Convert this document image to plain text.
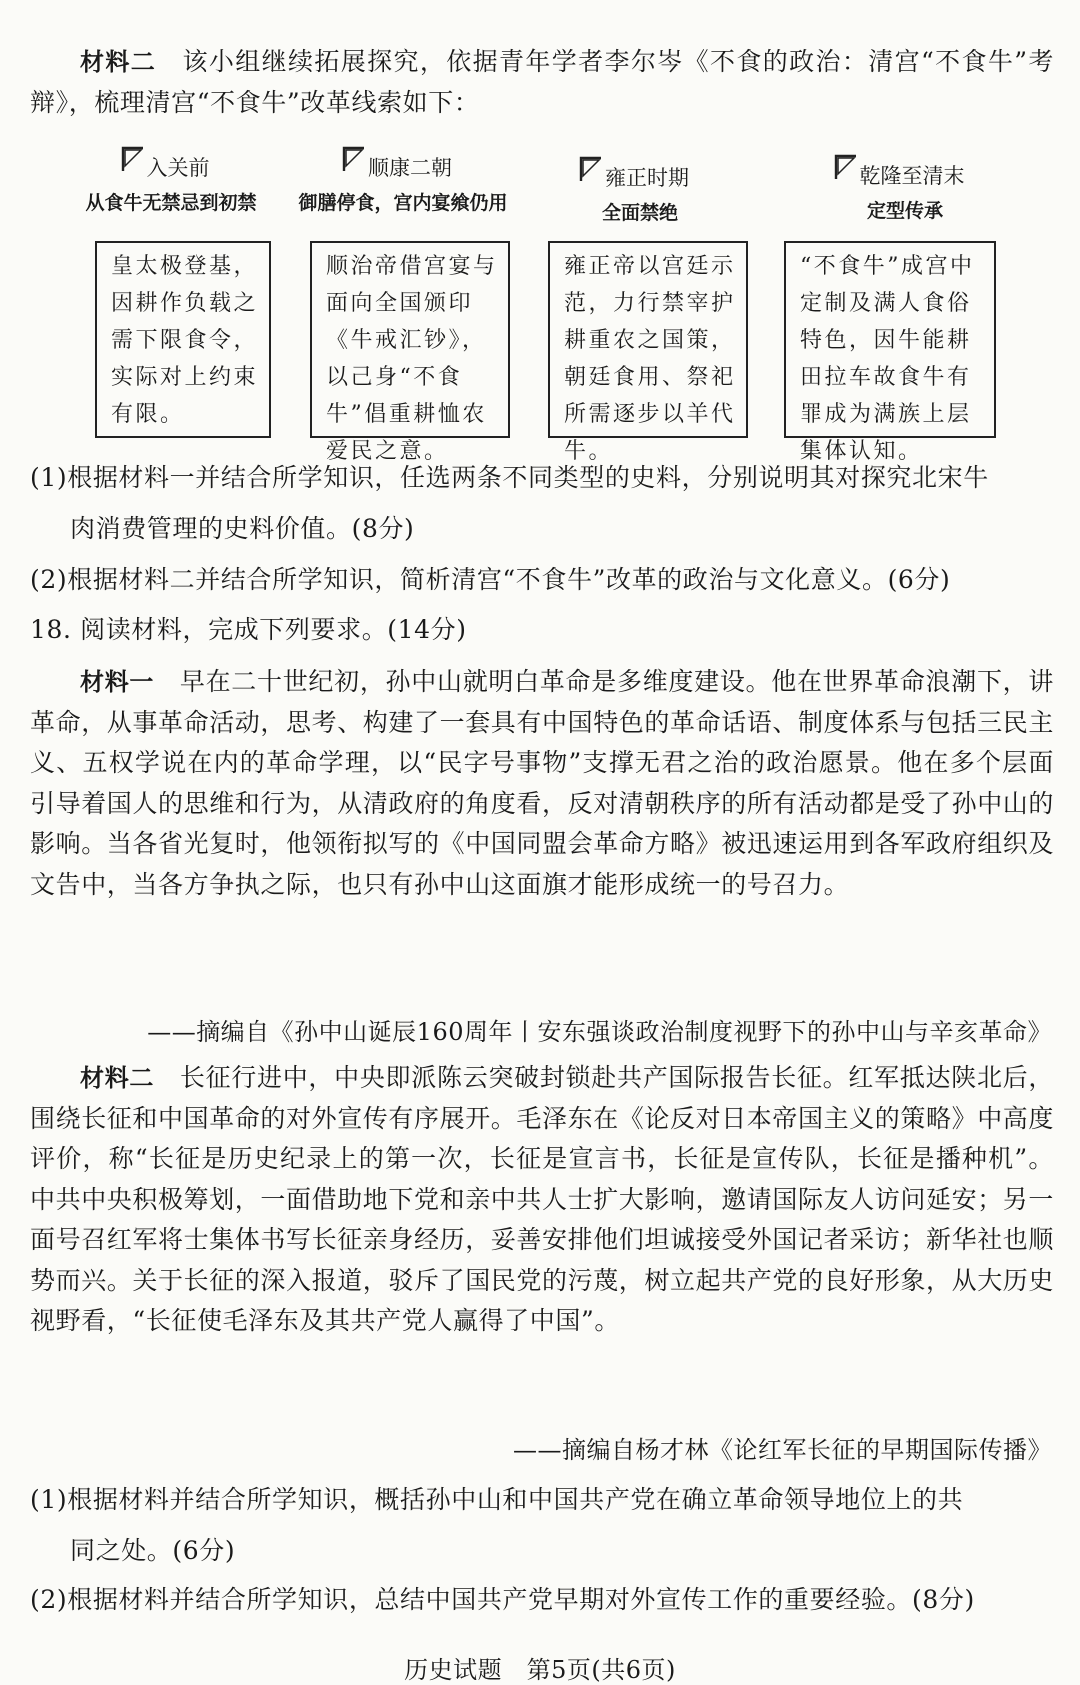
材料二　 该小组继续拓展探究，依据青年学者李尔岑《不食的政治：清宫“不食牛”考辩》，梳理清宫“不食牛”改革线索如下：

入关前
从食牛无禁忌到初禁
顺康二朝
御膳停食，宫内宴飨仍用
雍正时期
全面禁绝
乾隆至清末
定型传承
皇太极登基，因耕作负载之需下限食令，实际对上约束有限。
顺治帝借宫宴与面向全国颁印《牛戒汇钞》，以己身“不食牛”倡重耕恤农爱民之意。
雍正帝以宫廷示范，力行禁宰护耕重农之国策，朝廷食用、祭祀所需逐步以羊代牛。
“不食牛”成宫中定制及满人食俗特色，因牛能耕田拉车故食牛有罪成为满族上层集体认知。

(1)根据材料一并结合所学知识，任选两条不同类型的史料，分别说明其对探究北宋牛

肉消费管理的史料价值。(8分)

(2)根据材料二并结合所学知识，简析清宫“不食牛”改革的政治与文化意义。(6分)

18. 阅读材料，完成下列要求。(14分)

材料一　 早在二十世纪初，孙中山就明白革命是多维度建设。他在世界革命浪潮下，讲革命，从事革命活动，思考、构建了一套具有中国特色的革命话语、制度体系与包括三民主义、五权学说在内的革命学理，以“民字号事物”支撑无君之治的政治愿景。他在多个层面引导着国人的思维和行为，从清政府的角度看，反对清朝秩序的所有活动都是受了孙中山的影响。当各省光复时，他领衔拟写的《中国同盟会革命方略》被迅速运用到各军政府组织及文告中，当各方争执之际，也只有孙中山这面旗才能形成统一的号召力。

——摘编自《孙中山诞辰160周年丨安东强谈政治制度视野下的孙中山与辛亥革命》

材料二　 长征行进中，中央即派陈云突破封锁赴共产国际报告长征。红军抵达陕北后，围绕长征和中国革命的对外宣传有序展开。毛泽东在《论反对日本帝国主义的策略》中高度评价，称“长征是历史纪录上的第一次，长征是宣言书，长征是宣传队，长征是播种机”。中共中央积极筹划，一面借助地下党和亲中共人士扩大影响，邀请国际友人访问延安；另一面号召红军将士集体书写长征亲身经历，妥善安排他们坦诚接受外国记者采访；新华社也顺势而兴。关于长征的深入报道，驳斥了国民党的污蔑，树立起共产党的良好形象，从大历史视野看，“长征使毛泽东及其共产党人赢得了中国”。

——摘编自杨才林《论红军长征的早期国际传播》

(1)根据材料并结合所学知识，概括孙中山和中国共产党在确立革命领导地位上的共

同之处。(6分)

(2)根据材料并结合所学知识，总结中国共产党早期对外宣传工作的重要经验。(8分)

历史试题　第5页(共6页)
